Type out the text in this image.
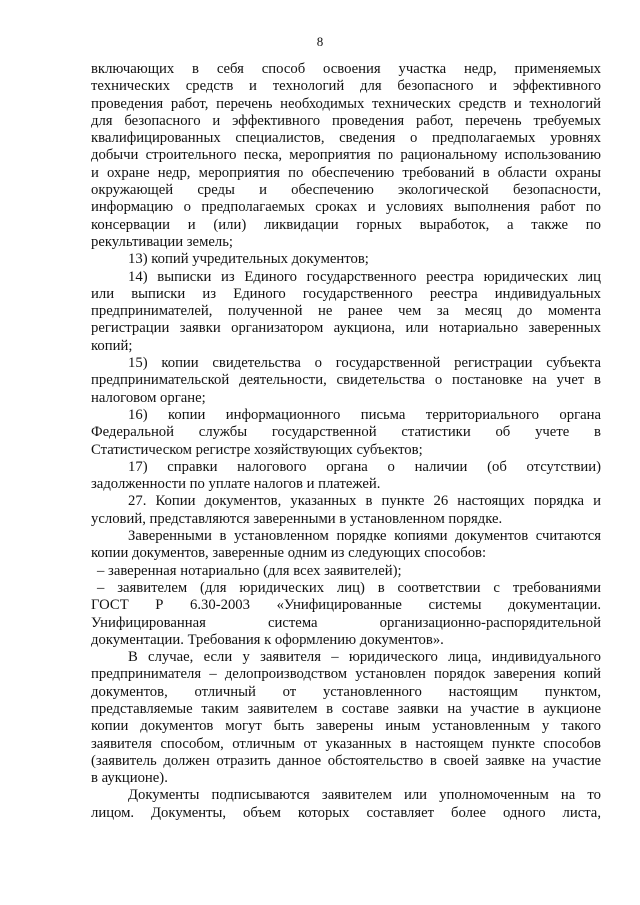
8
включающих в себя способ освоения участка недр, применяемых
технических средств и технологий для безопасного и эффективного
проведения работ, перечень необходимых технических средств и технологий
для безопасного и эффективного проведения работ, перечень требуемых
квалифицированных специалистов, сведения о предполагаемых уровнях
добычи строительного песка, мероприятия по рациональному использованию
и охране недр, мероприятия по обеспечению требований в области охраны
окружающей среды и обеспечению экологической безопасности,
информацию о предполагаемых сроках и условиях выполнения работ по
консервации и (или) ликвидации горных выработок, а также по
рекультивации земель;
13) копий учредительных документов;
14) выписки из Единого государственного реестра юридических лиц
или выписки из Единого государственного реестра индивидуальных
предпринимателей, полученной не ранее чем за месяц до момента
регистрации заявки организатором аукциона, или нотариально заверенных
копий;
15) копии свидетельства о государственной регистрации субъекта
предпринимательской деятельности, свидетельства о постановке на учет в
налоговом органе;
16) копии информационного письма территориального органа
Федеральной службы государственной статистики об учете в
Статистическом регистре хозяйствующих субъектов;
17) справки налогового органа о наличии (об отсутствии)
задолженности по уплате налогов и платежей.
27. Копии документов, указанных в пункте 26 настоящих порядка и
условий, представляются заверенными в установленном порядке.
Заверенными в установленном порядке копиями документов считаются
копии документов, заверенные одним из следующих способов:
– заверенная нотариально (для всех заявителей);
– заявителем (для юридических лиц) в соответствии с требованиями
ГОСТ Р 6.30-2003 «Унифицированные системы документации.
Унифицированная система организационно-распорядительной
документации. Требования к оформлению документов».
В случае, если у заявителя – юридического лица, индивидуального
предпринимателя – делопроизводством установлен порядок заверения копий
документов, отличный от установленного настоящим пунктом,
представляемые таким заявителем в составе заявки на участие в аукционе
копии документов могут быть заверены иным установленным у такого
заявителя способом, отличным от указанных в настоящем пункте способов
(заявитель должен отразить данное обстоятельство в своей заявке на участие
в аукционе).
Документы подписываются заявителем или уполномоченным на то
лицом. Документы, объем которых составляет более одного листа,
